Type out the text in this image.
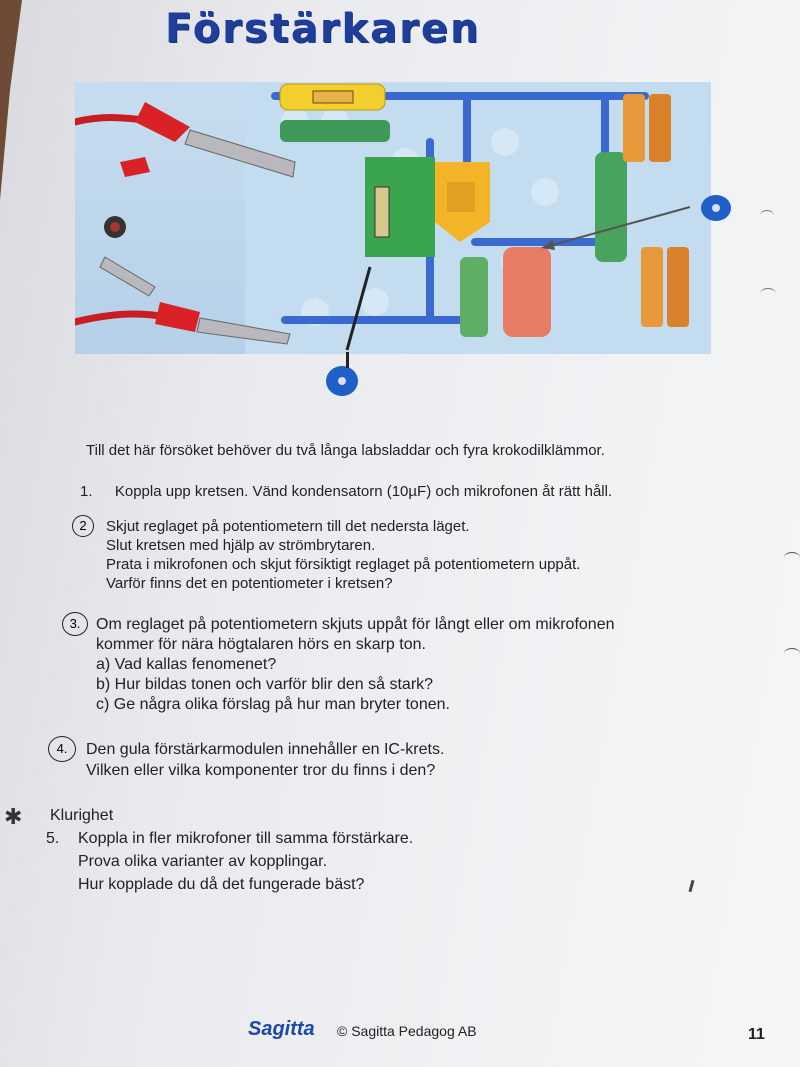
Förstärkaren
Till det här försöket behöver du två långa labsladdar och fyra krokodilklämmor.
1. Koppla upp kretsen. Vänd kondensatorn (10µF) och mikrofonen åt rätt håll.
2	Skjut reglaget på potentiometern till det nedersta läget.
Slut kretsen med hjälp av strömbrytaren.
Prata i mikrofonen och skjut försiktigt reglaget på potentiometern uppåt.
Varför finns det en potentiometer i kretsen?
3. Om reglaget på potentiometern skjuts uppåt för långt eller om mikrofonen
kommer för nära högtalaren hörs en skarp ton.
a) Vad kallas fenomenet?
b) Hur bildas tonen och varför blir den så stark?
c) Ge några olika förslag på hur man bryter tonen.
4.	Den gula förstärkarmodulen innehåller en IC-krets.
Vilken eller vilka komponenter tror du finns i den?
✱ Klurighet
5. Koppla in fler mikrofoner till samma förstärkare.
Prova olika varianter av kopplingar.
Hur kopplade du då det fungerade bäst?
Sagitta © Sagitta Pedagog AB	11
